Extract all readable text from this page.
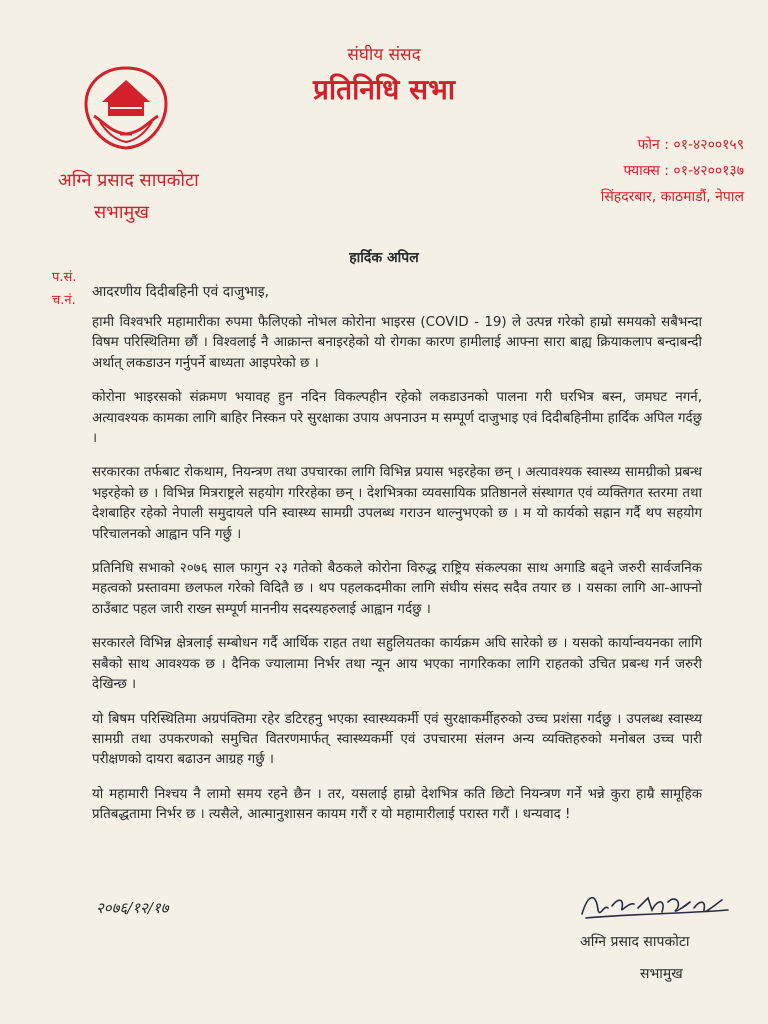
संघीय संसद
प्रतिनिधि सभा
अग्नि प्रसाद सापकोटा
सभामुख
फोन : ०१-४२००१५९
फ्याक्स : ०१-४२००१३७
सिंहदरबार, काठमाडौं, नेपाल
हार्दिक अपिल
प.सं.
च.नं.
आदरणीय दिदीबहिनी एवं दाजुभाइ,

हामी विश्वभरि महामारीका रुपमा फैलिएको नोभल कोरोना भाइरस (COVID - 19) ले उत्पन्न गरेको हाम्रो समयको सबैभन्दा विषम परिस्थितिमा छौं । विश्वलाई नै आक्रान्त बनाइरहेको यो रोगका कारण हामीलाई आफ्ना सारा बाह्य क्रियाकलाप बन्दाबन्दी अर्थात् लकडाउन गर्नुपर्ने बाध्यता आइपरेको छ ।

कोरोना भाइरसको संक्रमण भयावह हुन नदिन विकल्पहीन रहेको लकडाउनको पालना गरी घरभित्र बस्न, जमघट नगर्न, अत्यावश्यक कामका लागि बाहिर निस्कन परे सुरक्षाका उपाय अपनाउन म सम्पूर्ण दाजुभाइ एवं दिदीबहिनीमा हार्दिक अपिल गर्दछु ।

सरकारका तर्फबाट रोकथाम, नियन्त्रण तथा उपचारका लागि विभिन्न प्रयास भइरहेका छन् । अत्यावश्यक स्वास्थ्य सामग्रीको प्रबन्ध भइरहेको छ । विभिन्न मित्रराष्ट्रले सहयोग गरिरहेका छन् । देशभित्रका व्यवसायिक प्रतिष्ठानले संस्थागत एवं व्यक्तिगत स्तरमा तथा देशबाहिर रहेको नेपाली समुदायले पनि स्वास्थ्य सामग्री उपलब्ध गराउन थाल्नुभएको छ । म यो कार्यको सह्रान गर्दै थप सहयोग परिचालनको आह्वान पनि गर्छु ।

प्रतिनिधि सभाको २०७६ साल फागुन २३ गतेको बैठकले कोरोना विरुद्ध राष्ट्रिय संकल्पका साथ अगाडि बढ्ने जरुरी सार्वजनिक महत्वको प्रस्तावमा छलफल गरेको विदितै छ । थप पहलकदमीका लागि संघीय संसद सदैव तयार छ । यसका लागि आ-आफ्नो ठाउँबाट पहल जारी राख्न सम्पूर्ण माननीय सदस्यहरुलाई आह्वान गर्दछु ।

सरकारले विभिन्न क्षेत्रलाई सम्बोधन गर्दै आर्थिक राहत तथा सहुलियतका कार्यक्रम अघि सारेको छ । यसको कार्यान्वयनका लागि सबैको साथ आवश्यक छ । दैनिक ज्यालामा निर्भर तथा न्यून आय भएका नागरिकका लागि राहतको उचित प्रबन्ध गर्न जरुरी देखिन्छ ।

यो बिषम परिस्थितिमा अग्रपंक्तिमा रहेर डटिरहनु भएका स्वास्थ्यकर्मी एवं सुरक्षाकर्मीहरुको उच्च प्रशंसा गर्दछु । उपलब्ध स्वास्थ्य सामग्री तथा उपकरणको समुचित वितरणमार्फत् स्वास्थ्यकर्मी एवं उपचारमा संलग्न अन्य व्यक्तिहरुको मनोबल उच्च पारी परीक्षणको दायरा बढाउन आग्रह गर्छु ।

यो महामारी निश्चय नै लामो समय रहने छैन । तर, यसलाई हाम्रो देशभित्र कति छिटो नियन्त्रण गर्ने भन्ने कुरा हाम्रै सामूहिक प्रतिबद्धतामा निर्भर छ । त्यसैले, आत्मानुशासन कायम गरौं र यो महामारीलाई परास्त गरौं । धन्यवाद !

२०७६/१२/१७
अग्नि प्रसाद सापकोटा
सभामुख
